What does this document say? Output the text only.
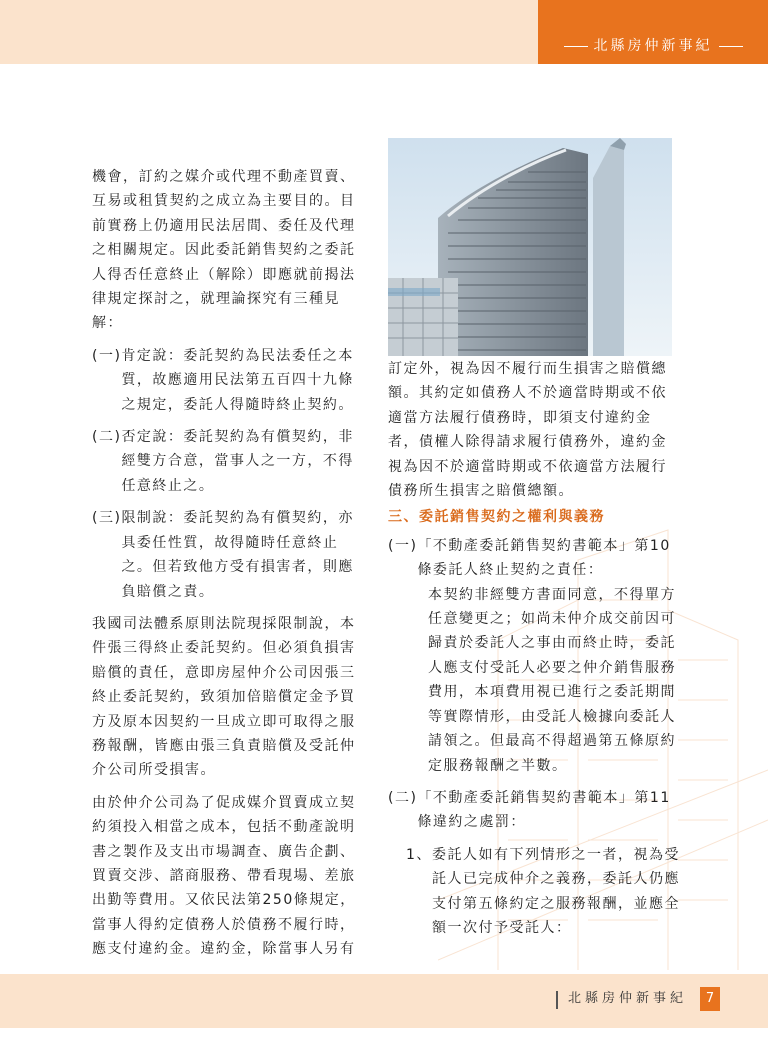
北縣房仲新事紀

機會，訂約之媒介或代理不動產買賣、互易或租賃契約之成立為主要目的。目前實務上仍適用民法居間、委任及代理之相關規定。因此委託銷售契約之委託人得否任意終止（解除）即應就前揭法律規定探討之，就理論探究有三種見解：

(一) 肯定說：委託契約為民法委任之本質，故應適用民法第五百四十九條之規定，委託人得隨時終止契約。
(二) 否定說：委託契約為有償契約，非經雙方合意，當事人之一方，不得任意終止之。
(三) 限制說：委託契約為有償契約，亦具委任性質，故得隨時任意終止之。但若致他方受有損害者，則應負賠償之責。

我國司法體系原則法院現採限制說，本件張三得終止委託契約。但必須負損害賠償的責任，意即房屋仲介公司因張三終止委託契約，致須加倍賠償定金予買方及原本因契約一旦成立即可取得之服務報酬，皆應由張三負責賠償及受託仲介公司所受損害。

由於仲介公司為了促成媒介買賣成立契約須投入相當之成本，包括不動產說明書之製作及支出市場調查、廣告企劃、買賣交涉、諮商服務、帶看現場、差旅出勤等費用。又依民法第250條規定，當事人得約定債務人於債務不履行時，應支付違約金。違約金，除當事人另有

訂定外，視為因不履行而生損害之賠償總額。其約定如債務人不於適當時期或不依適當方法履行債務時，即須支付違約金者，債權人除得請求履行債務外，違約金視為因不於適當時期或不依適當方法履行債務所生損害之賠償總額。

三、委託銷售契約之權利與義務

(一) 「不動產委託銷售契約書範本」第10條委託人終止契約之責任：

本契約非經雙方書面同意，不得單方任意變更之；如尚未仲介成交前因可歸責於委託人之事由而終止時，委託人應支付受託人必要之仲介銷售服務費用，本項費用視已進行之委託期間等實際情形，由受託人檢據向委託人請領之。但最高不得超過第五條原約定服務報酬之半數。

(二) 「不動產委託銷售契約書範本」第11條違約之處罰：
1、 委託人如有下列情形之一者，視為受託人已完成仲介之義務，委託人仍應支付第五條約定之服務報酬，並應全額一次付予受託人：
北縣房仲新事紀	7
